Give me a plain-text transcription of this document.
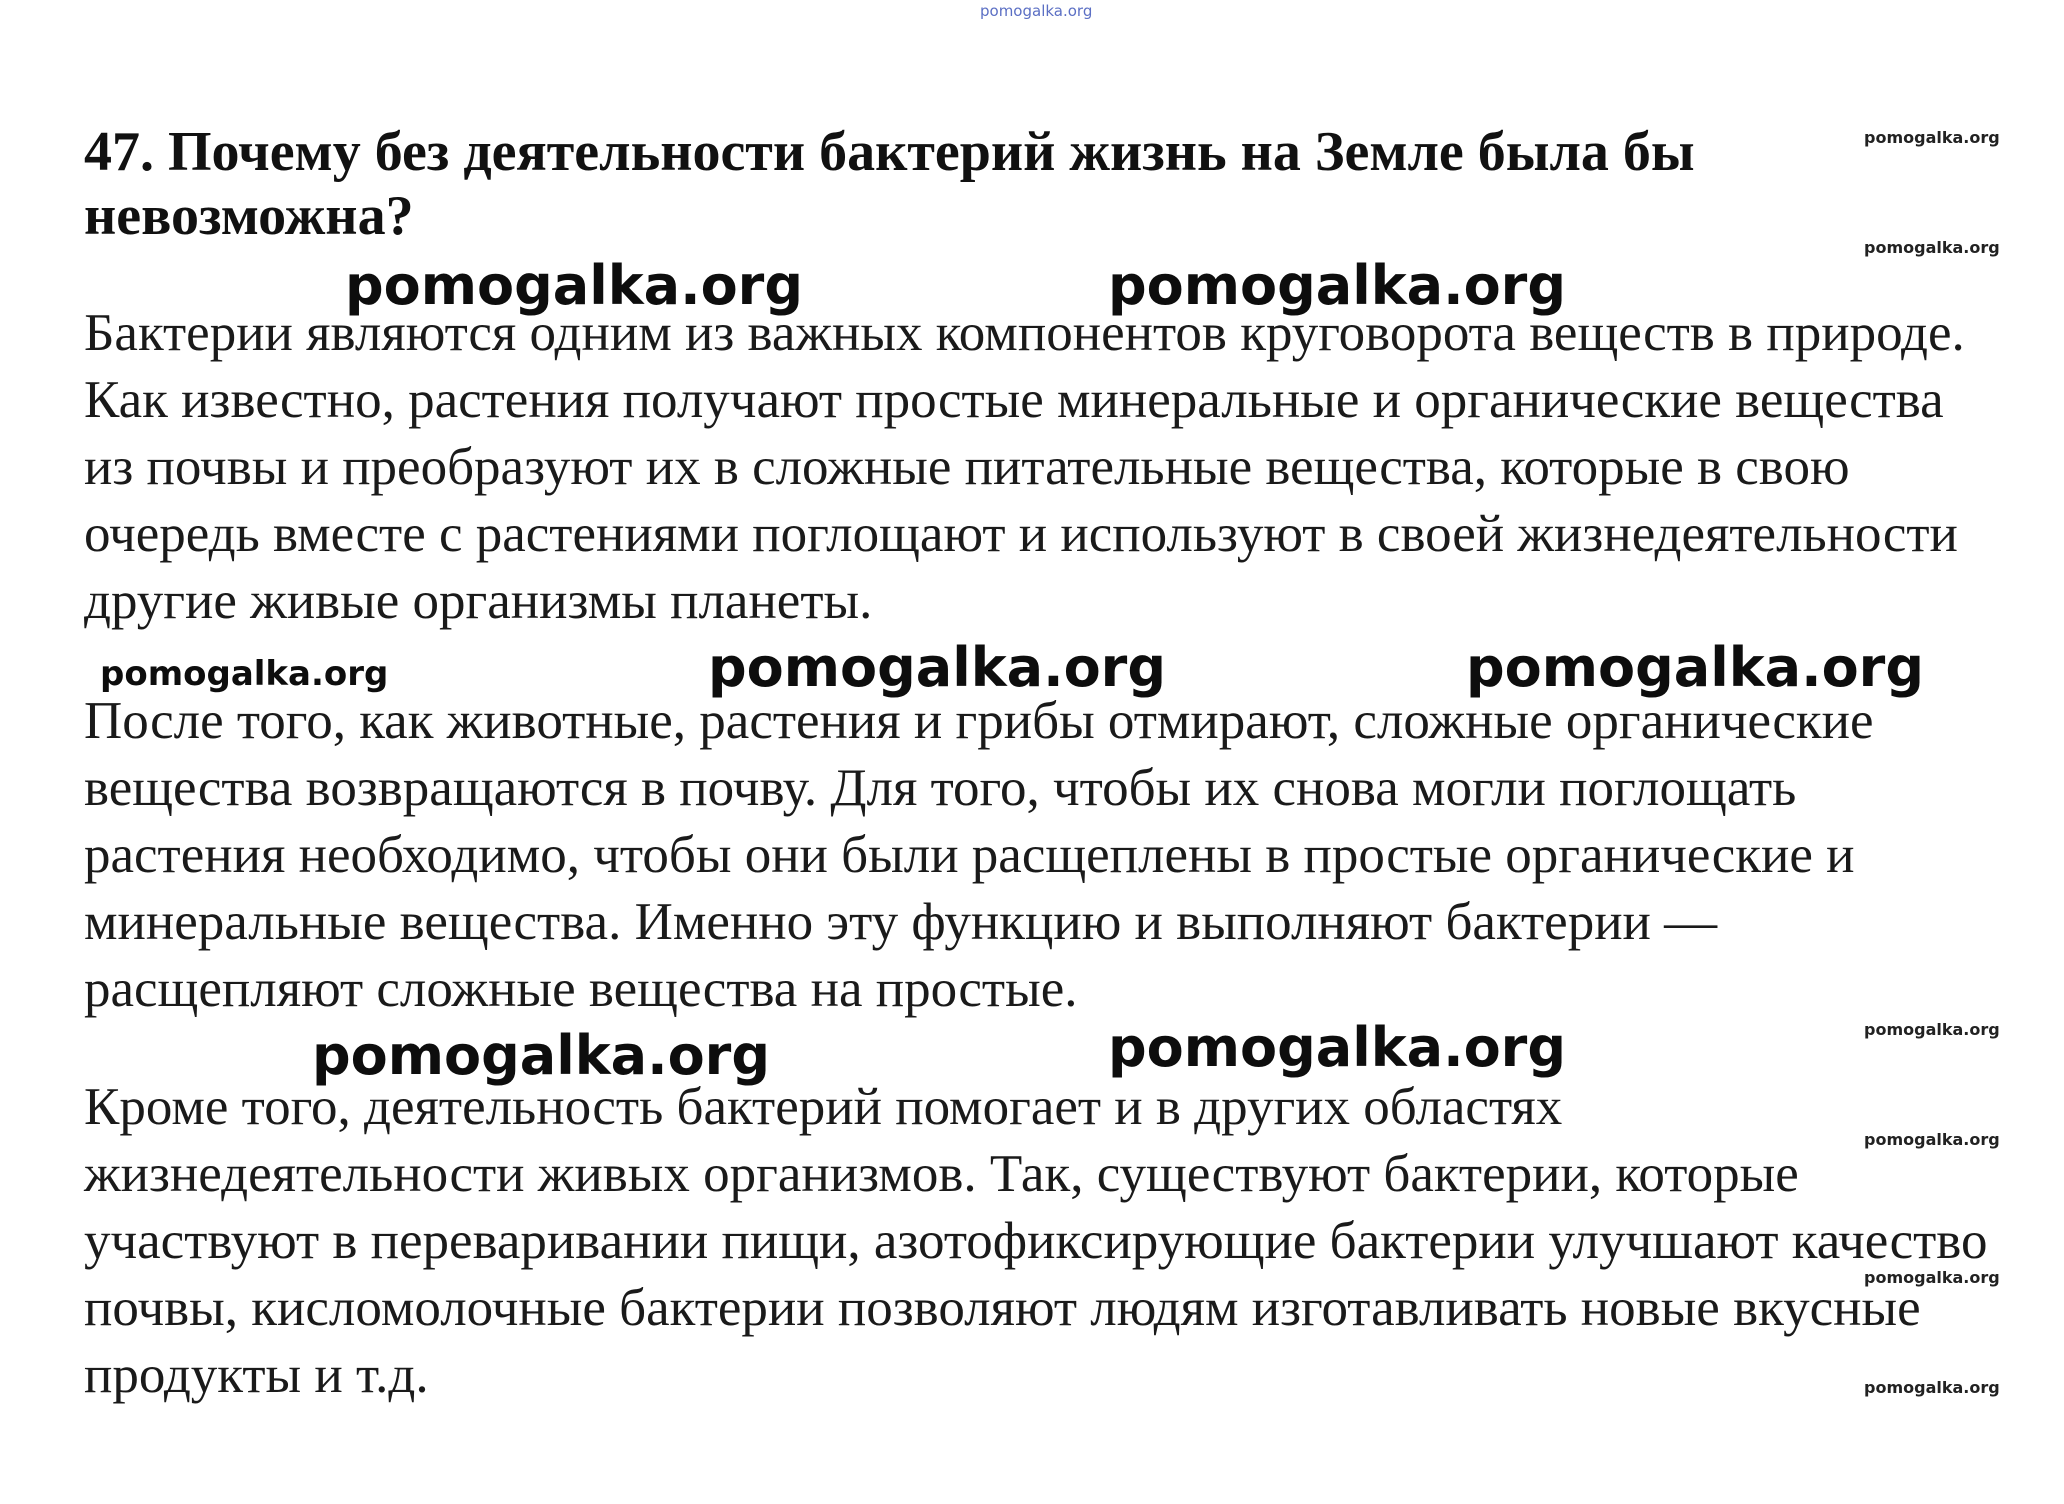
pomogalka.org
47. Почему без деятельности бактерий жизнь на Земле была бы невозможна?

Бактерии являются одним из важных компонентов круговорота веществ в природе. Как известно, растения получают простые минеральные и органические вещества из почвы и преобразуют их в сложные питательные вещества, которые в свою очередь вместе с растениями поглощают и используют в своей жизнедеятельности другие живые организмы планеты.

После того, как животные, растения и грибы отмирают, сложные органические вещества возвращаются в почву. Для того, чтобы их снова могли поглощать растения необходимо, чтобы они были расщеплены в простые органические и минеральные вещества. Именно эту функцию и выполняют бактерии — расщепляют сложные вещества на простые.

Кроме того, деятельность бактерий помогает и в других областях жизнедеятельности живых организмов. Так, существуют бактерии, которые участвуют в переваривании пищи, азотофиксирующие бактерии улучшают качество почвы, кисломолочные бактерии позволяют людям изготавливать новые вкусные продукты и т.д.

pomogalka.org	pomogalka.org
pomogalka.org	pomogalka.org
pomogalka.org	pomogalka.org
pomogalka.org
pomogalka.org
pomogalka.org
pomogalka.org
pomogalka.org
pomogalka.org
pomogalka.org
